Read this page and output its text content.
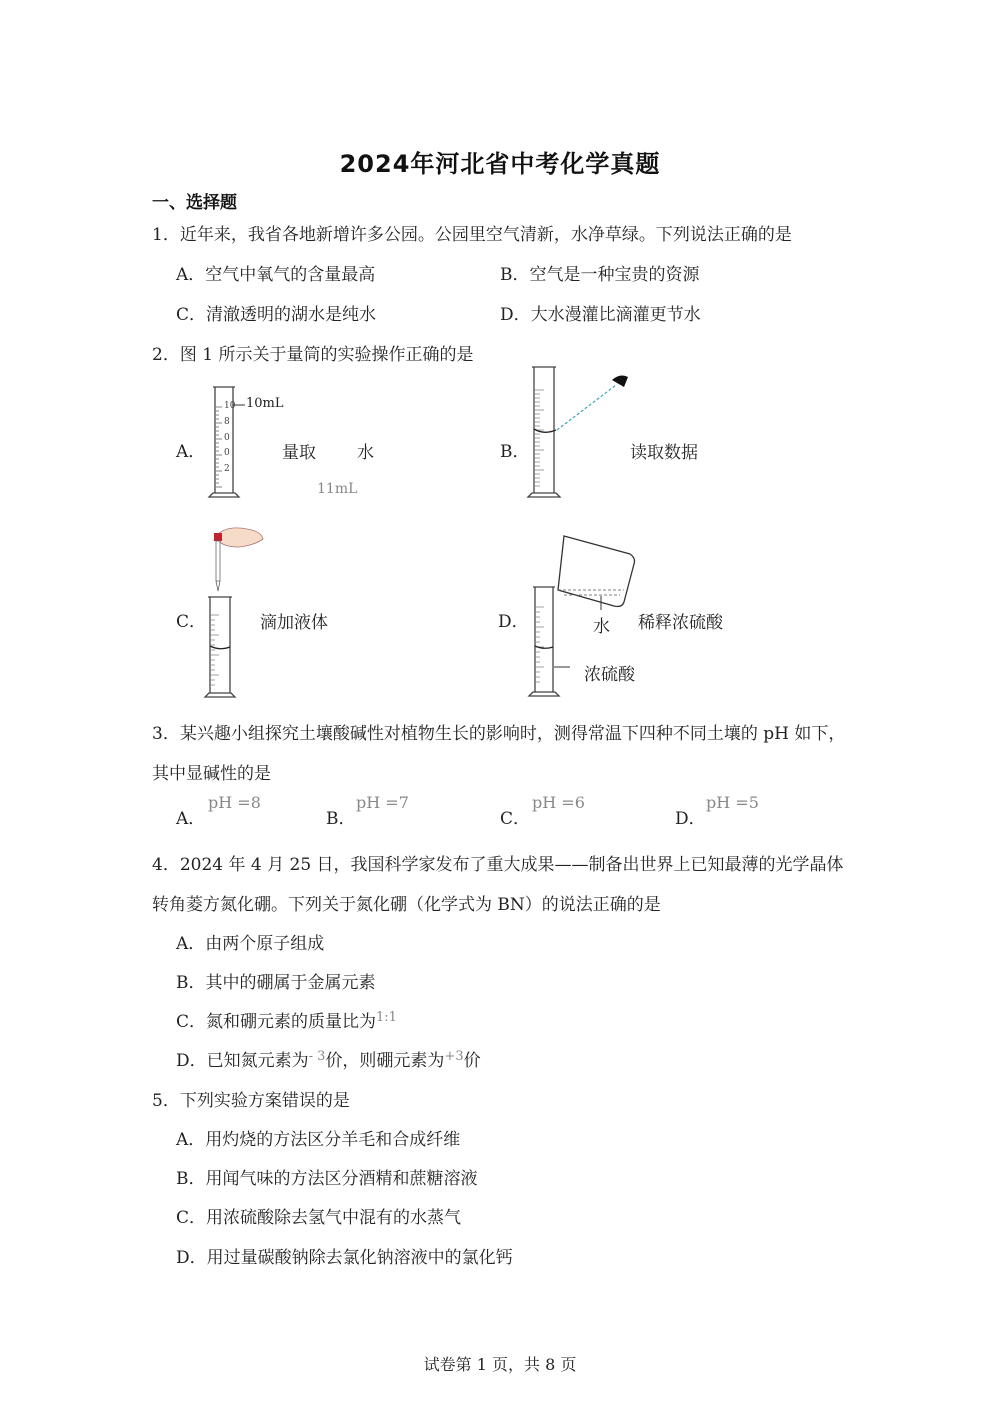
2024年河北省中考化学真题
一、选择题
1．近年来，我省各地新增许多公园。公园里空气清新，水净草绿。下列说法正确的是
A．空气中氧气的含量最高	B．空气是一种宝贵的资源
C．清澈透明的湖水是纯水	D．大水漫灌比滴灌更节水
2．图 1 所示关于量筒的实验操作正确的是
A．
10
8
0
0
2
10mL
量取 水
11mL
B．	读取数据
C．	滴加液体	D．	水 稀释浓硫酸
浓硫酸
3．某兴趣小组探究土壤酸碱性对植物生长的影响时，测得常温下四种不同土壤的 pH 如下，
其中显碱性的是
A．
pH =8
B．
pH =7
C．
pH =6
D．
pH =5
4．2024 年 4 月 25 日，我国科学家发布了重大成果——制备出世界上已知最薄的光学晶体
转角菱方氮化硼。下列关于氮化硼（化学式为 BN）的说法正确的是
A．由两个原子组成
B．其中的硼属于金属元素
C．氮和硼元素的质量比为$^{1:1}$
D．已知氮元素为$^{- 3}$价，则硼元素为$^{+3}$价
5．下列实验方案错误的是
A．用灼烧的方法区分羊毛和合成纤维
B．用闻气味的方法区分酒精和蔗糖溶液
C．用浓硫酸除去氢气中混有的水蒸气
D．用过量碳酸钠除去氯化钠溶液中的氯化钙
试卷第 1 页，共 8 页
